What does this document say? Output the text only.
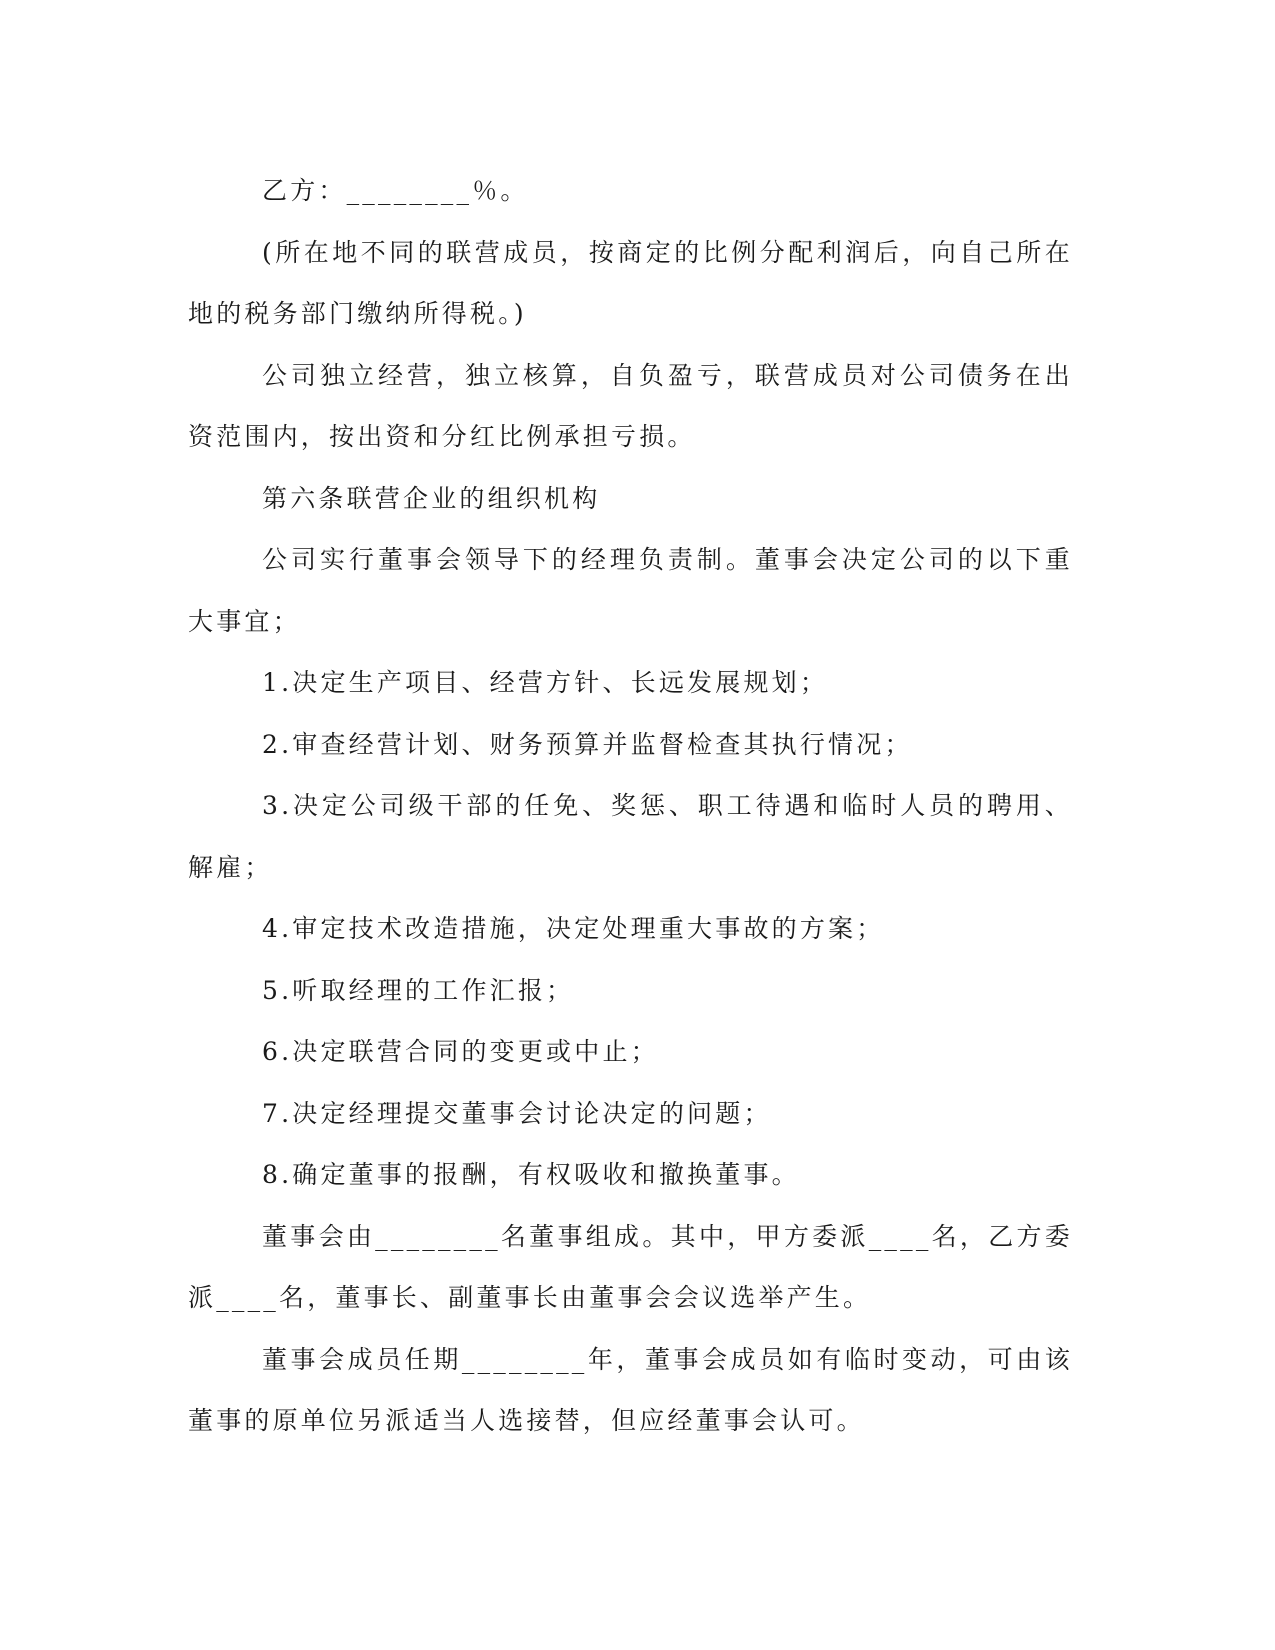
乙方：________％。

(所在地不同的联营成员，按商定的比例分配利润后，向自己所在地的税务部门缴纳所得税。)

公司独立经营，独立核算，自负盈亏，联营成员对公司债务在出资范围内，按出资和分红比例承担亏损。

第六条联营企业的组织机构

公司实行董事会领导下的经理负责制。董事会决定公司的以下重大事宜；

1.决定生产项目、经营方针、长远发展规划；

2.审查经营计划、财务预算并监督检查其执行情况；

3.决定公司级干部的任免、奖惩、职工待遇和临时人员的聘用、解雇；

4.审定技术改造措施，决定处理重大事故的方案；

5.听取经理的工作汇报；

6.决定联营合同的变更或中止；

7.决定经理提交董事会讨论决定的问题；

8.确定董事的报酬，有权吸收和撤换董事。

董事会由________名董事组成。其中，甲方委派____名，乙方委派____名，董事长、副董事长由董事会会议选举产生。

董事会成员任期________年，董事会成员如有临时变动，可由该董事的原单位另派适当人选接替，但应经董事会认可。
